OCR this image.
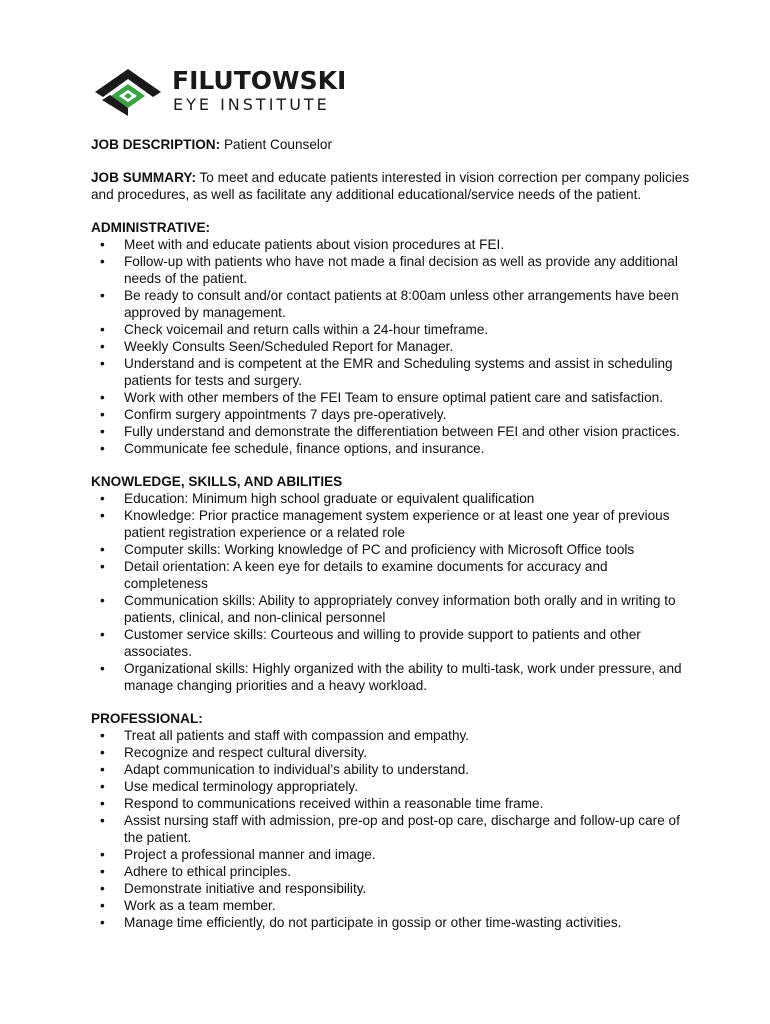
FILUTOWSKI
EYE INSTITUTE

JOB DESCRIPTION: Patient Counselor

JOB SUMMARY: To meet and educate patients interested in vision correction per company policies and procedures, as well as facilitate any additional educational/service needs of the patient.

ADMINISTRATIVE:
• Meet with and educate patients about vision procedures at FEI.
• Follow-up with patients who have not made a final decision as well as provide any additional needs of the patient.
• Be ready to consult and/or contact patients at 8:00am unless other arrangements have been approved by management.
• Check voicemail and return calls within a 24-hour timeframe.
• Weekly Consults Seen/Scheduled Report for Manager.
• Understand and is competent at the EMR and Scheduling systems and assist in scheduling patients for tests and surgery.
• Work with other members of the FEI Team to ensure optimal patient care and satisfaction.
• Confirm surgery appointments 7 days pre-operatively.
• Fully understand and demonstrate the differentiation between FEI and other vision practices.
• Communicate fee schedule, finance options, and insurance.
KNOWLEDGE, SKILLS, AND ABILITIES
• Education: Minimum high school graduate or equivalent qualification
• Knowledge: Prior practice management system experience or at least one year of previous patient registration experience or a related role
• Computer skills: Working knowledge of PC and proficiency with Microsoft Office tools
• Detail orientation: A keen eye for details to examine documents for accuracy and completeness
• Communication skills: Ability to appropriately convey information both orally and in writing to patients, clinical, and non-clinical personnel
• Customer service skills: Courteous and willing to provide support to patients and other associates.
• Organizational skills: Highly organized with the ability to multi-task, work under pressure, and manage changing priorities and a heavy workload.
PROFESSIONAL:
• Treat all patients and staff with compassion and empathy.
• Recognize and respect cultural diversity.
• Adapt communication to individual’s ability to understand.
• Use medical terminology appropriately.
• Respond to communications received within a reasonable time frame.
• Assist nursing staff with admission, pre-op and post-op care, discharge and follow-up care of the patient.
• Project a professional manner and image.
• Adhere to ethical principles.
• Demonstrate initiative and responsibility.
• Work as a team member.
• Manage time efficiently, do not participate in gossip or other time-wasting activities.
